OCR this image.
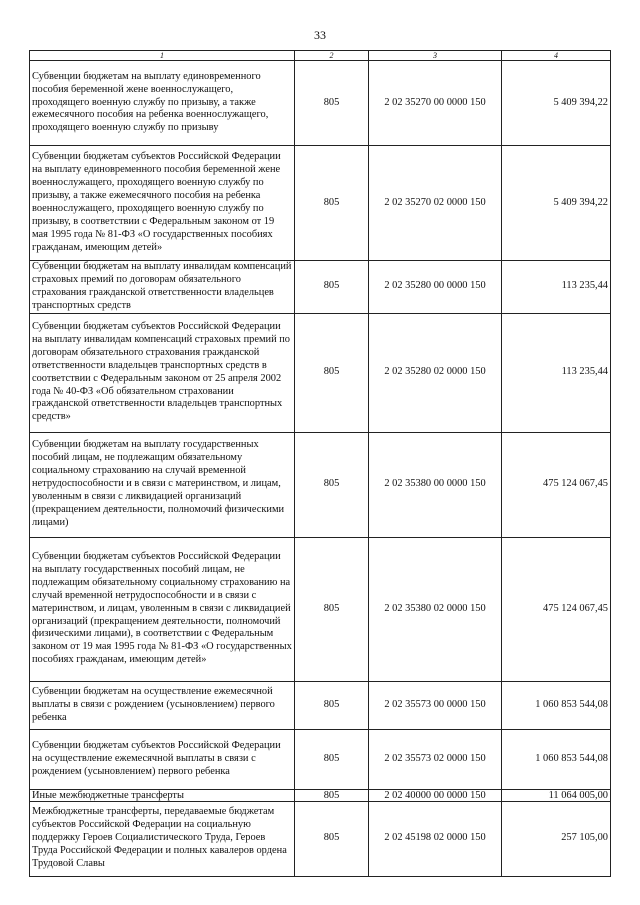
33
1	2	3	4
Субвенции бюджетам на выплату единовременного пособия беременной жене военнослужащего, проходящего военную службу по призыву, а также ежемесячного пособия на ребенка военнослужащего, проходящего военную службу по призыву	805	2 02 35270 00 0000 150	5 409 394,22
Субвенции бюджетам субъектов Российской Федерации на выплату единовременного пособия беременной жене военнослужащего, проходящего военную службу по призыву, а также ежемесячного пособия на ребенка военнослужащего, проходящего военную службу по призыву, в соответствии с Федеральным законом от 19 мая 1995 года № 81-ФЗ «О государственных пособиях гражданам, имеющим детей»	805	2 02 35270 02 0000 150	5 409 394,22
Субвенции бюджетам на выплату инвалидам компенсаций страховых премий по договорам обязательного страхования гражданской ответственности владельцев транспортных средств	805	2 02 35280 00 0000 150	113 235,44
Субвенции бюджетам субъектов Российской Федерации на выплату инвалидам компенсаций страховых премий по договорам обязательного страхования гражданской ответственности владельцев транспортных средств в соответствии с Федеральным законом от 25 апреля 2002 года № 40-ФЗ «Об обязательном страховании гражданской ответственности владельцев транспортных средств»	805	2 02 35280 02 0000 150	113 235,44
Субвенции бюджетам на выплату государственных пособий лицам, не подлежащим обязательному социальному страхованию на случай временной нетрудоспособности и в связи с материнством, и лицам, уволенным в связи с ликвидацией организаций (прекращением деятельности, полномочий физическими лицами)	805	2 02 35380 00 0000 150	475 124 067,45
Субвенции бюджетам субъектов Российской Федерации на выплату государственных пособий лицам, не подлежащим обязательному социальному страхованию на случай временной нетрудоспособности и в связи с материнством, и лицам, уволенным в связи с ликвидацией организаций (прекращением деятельности, полномочий физическими лицами), в соответствии с Федеральным законом от 19 мая 1995 года № 81-ФЗ «О государственных пособиях гражданам, имеющим детей»	805	2 02 35380 02 0000 150	475 124 067,45
Субвенции бюджетам на осуществление ежемесячной выплаты в связи с рождением (усыновлением) первого ребенка	805	2 02 35573 00 0000 150	1 060 853 544,08
Субвенции бюджетам субъектов Российской Федерации на осуществление ежемесячной выплаты в связи с рождением (усыновлением) первого ребенка	805	2 02 35573 02 0000 150	1 060 853 544,08
Иные межбюджетные трансферты	805	2 02 40000 00 0000 150	11 064 005,00
Межбюджетные трансферты, передаваемые бюджетам субъектов Российской Федерации на социальную поддержку Героев Социалистического Труда, Героев Труда Российской Федерации и полных кавалеров ордена Трудовой Славы	805	2 02 45198 02 0000 150	257 105,00
